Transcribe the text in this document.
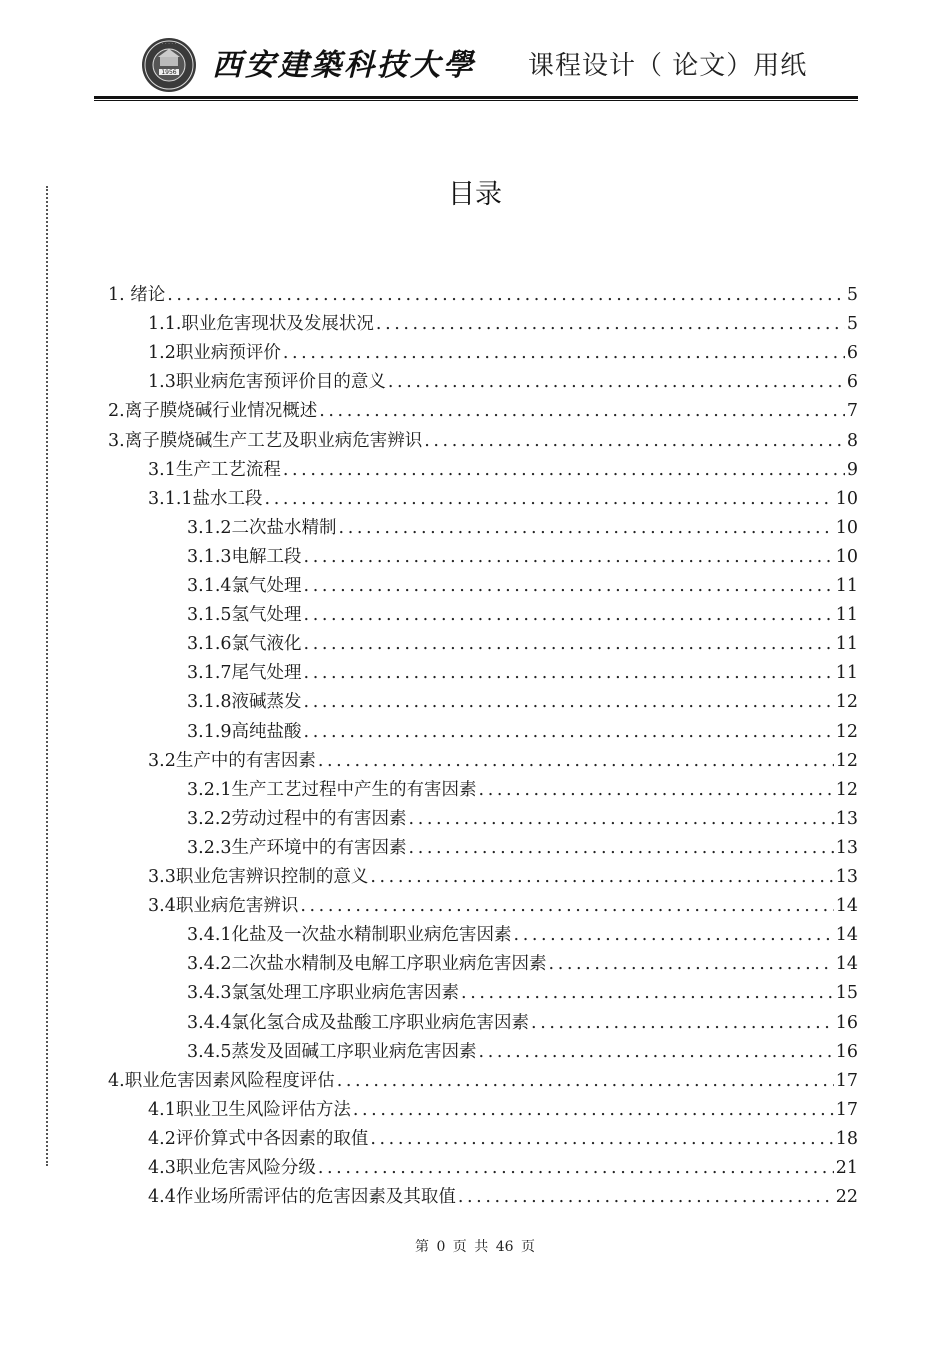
1956
· · · · · · ·
西安建築科技大學 课程设计（ 论文）用纸
目录
1. 绪论 .....	5
1.1.职业危害现状及发展状况 .....	5
1.2职业病预评价 .....	6
1.3职业病危害预评价目的意义 .....	6
2.离子膜烧碱行业情况概述 .....	7
3.离子膜烧碱生产工艺及职业病危害辨识 .....	8
3.1生产工艺流程 .....	9
3.1.1盐水工段 .....	10
3.1.2二次盐水精制 .....	10
3.1.3电解工段 .....	10
3.1.4氯气处理 .....	11
3.1.5氢气处理 .....	11
3.1.6氯气液化 .....	11
3.1.7尾气处理 .....	11
3.1.8液碱蒸发 .....	12
3.1.9高纯盐酸 .....	12
3.2生产中的有害因素 .....	12
3.2.1生产工艺过程中产生的有害因素 .....	12
3.2.2劳动过程中的有害因素 .....	13
3.2.3生产环境中的有害因素 .....	13
3.3职业危害辨识控制的意义 .....	13
3.4职业病危害辨识 .....	14
3.4.1化盐及一次盐水精制职业病危害因素 .....	14
3.4.2二次盐水精制及电解工序职业病危害因素 .....	14
3.4.3氯氢处理工序职业病危害因素 .....	15
3.4.4氯化氢合成及盐酸工序职业病危害因素 .....	16
3.4.5蒸发及固碱工序职业病危害因素 .....	16
4.职业危害因素风险程度评估 .....	17
4.1职业卫生风险评估方法 .....	17
4.2评价算式中各因素的取值 .....	18
4.3职业危害风险分级 .....	21
4.4作业场所需评估的危害因素及其取值 .....	22
第 0 页 共 46 页
